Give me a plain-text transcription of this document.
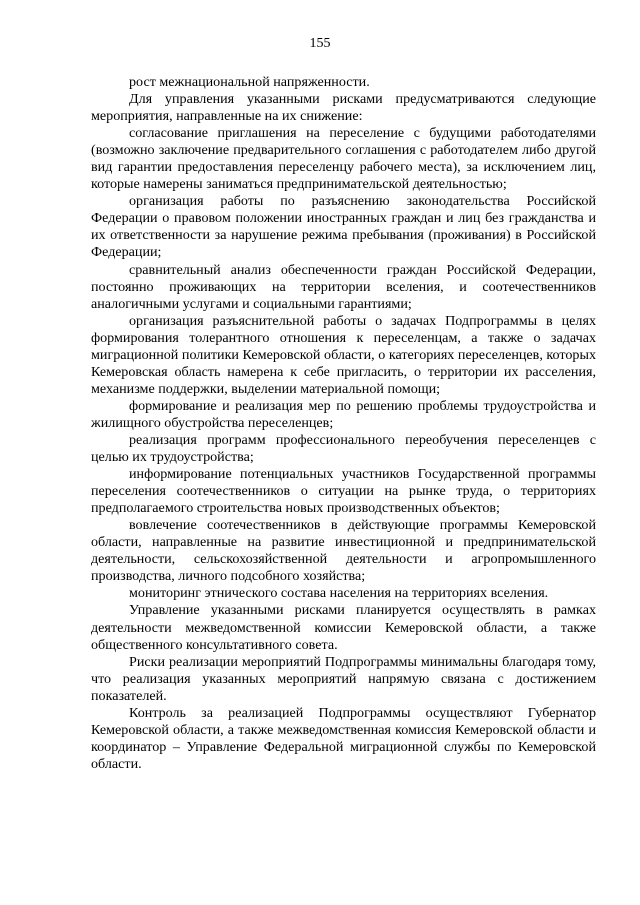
155

рост межнациональной напряженности.

Для управления указанными рисками предусматриваются следующие мероприятия, направленные на их снижение:

согласование приглашения на переселение с будущими работодателями (возможно заключение предварительного соглашения с работодателем либо другой вид гарантии предоставления переселенцу рабочего места), за исключением лиц, которые намерены заниматься предпринимательской деятельностью;

организация работы по разъяснению законодательства Российской Федерации о правовом положении иностранных граждан и лиц без гражданства и их ответственности за нарушение режима пребывания (проживания) в Российской Федерации;

сравнительный анализ обеспеченности граждан Российской Федерации, постоянно проживающих на территории вселения, и соотечественников аналогичными услугами и социальными гарантиями;

организация разъяснительной работы о задачах Подпрограммы в целях формирования толерантного отношения к переселенцам, а также о задачах миграционной политики Кемеровской области, о категориях переселенцев, которых Кемеровская область намерена к себе пригласить, о территории их расселения, механизме поддержки, выделении материальной помощи;

формирование и реализация мер по решению проблемы трудоустройства и жилищного обустройства переселенцев;

реализация программ профессионального переобучения переселенцев с целью их трудоустройства;

информирование потенциальных участников Государственной программы переселения соотечественников о ситуации на рынке труда, о территориях предполагаемого строительства новых производственных объектов;

вовлечение соотечественников в действующие программы Кемеровской области, направленные на развитие инвестиционной и предпринимательской деятельности, сельскохозяйственной деятельности и агропромышленного производства, личного подсобного хозяйства;

мониторинг этнического состава населения на территориях вселения.

Управление указанными рисками планируется осуществлять в рамках деятельности межведомственной комиссии Кемеровской области, а также общественного консультативного совета.

Риски реализации мероприятий Подпрограммы минимальны благодаря тому, что реализация указанных мероприятий напрямую связана с достижением показателей.

Контроль за реализацией Подпрограммы осуществляют Губернатор Кемеровской области, а также межведомственная комиссия Кемеровской области и координатор – Управление Федеральной миграционной службы по Кемеровской области.
